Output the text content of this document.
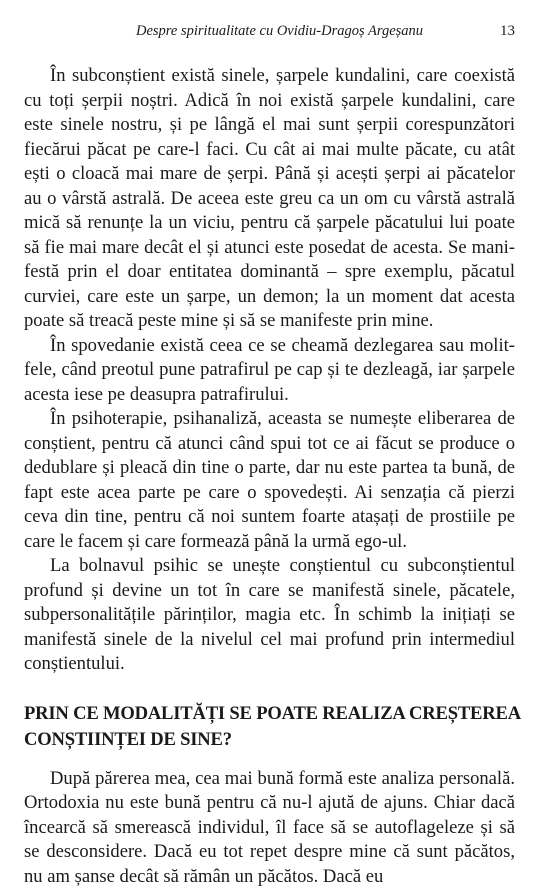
Despre spiritualitate cu Ovidiu-Dragoș Argeșanu	13

În subconștient există sinele, șarpele kundalini, care coexistă cu toți șerpii noștri. Adică în noi există șarpele kundalini, care este sinele nostru, și pe lângă el mai sunt șerpii corespunzători fiecărui păcat pe care-l faci. Cu cât ai mai multe păcate, cu atât ești o cloacă mai mare de șerpi. Până și acești șerpi ai păcatelor au o vârstă astrală. De aceea este greu ca un om cu vârstă astrală mică să renunțe la un viciu, pentru că șarpele păcatului lui poate să fie mai mare decât el și atunci este posedat de acesta. Se manifestă prin el doar entitatea dominantă – spre exemplu, păcatul curviei, care este un șarpe, un demon; la un moment dat acesta poate să treacă peste mine și să se manifeste prin mine.

În spovedanie există ceea ce se cheamă dezlegarea sau molitfele, când preotul pune patrafirul pe cap și te dezleagă, iar șarpele acesta iese pe deasupra patrafirului.

În psihoterapie, psihanaliză, aceasta se numește eliberarea de conștient, pentru că atunci când spui tot ce ai făcut se produce o dedublare și pleacă din tine o parte, dar nu este partea ta bună, de fapt este acea parte pe care o spovedești. Ai senzația că pierzi ceva din tine, pentru că noi suntem foarte atașați de prostiile pe care le facem și care formează până la urmă ego-ul.

La bolnavul psihic se unește conștientul cu subconștientul profund și devine un tot în care se manifestă sinele, păcatele, subpersonalitățile părinților, magia etc. În schimb la inițiați se manifestă sinele de la nivelul cel mai profund prin intermediul conștientului.

PRIN CE MODALITĂȚI SE POATE REALIZA CREȘTEREA
CONȘTIINȚEI DE SINE?

După părerea mea, cea mai bună formă este analiza personală. Ortodoxia nu este bună pentru că nu-l ajută de ajuns. Chiar dacă încearcă să smerească individul, îl face să se autoflageleze și să se desconsidere. Dacă eu tot repet despre mine că sunt păcătos, nu am șanse decât să rămân un păcătos. Dacă eu
